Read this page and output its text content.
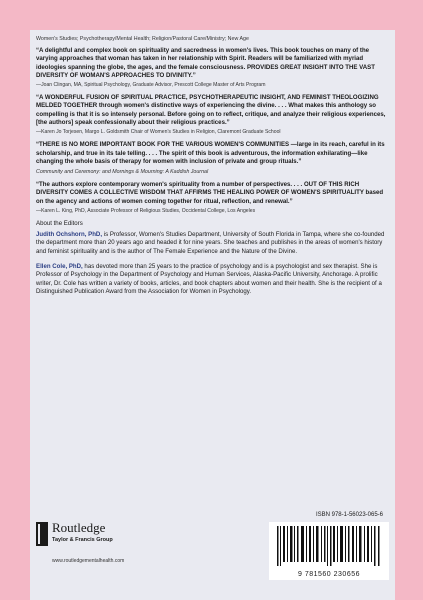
Women's Studies; Psychotherapy/Mental Health; Religion/Pastoral Care/Ministry; New Age

“A delightful and complex book on spirituality and sacredness in women's lives. This book touches on many of the varying approaches that woman has taken in her relationship with Spirit. Readers will be familiarized with myriad ideologies spanning the globe, the ages, and the female consciousness. PROVIDES GREAT INSIGHT INTO THE VAST DIVERSITY OF WOMAN'S APPROACHES TO DIVINITY.”

—Joan Clingan, MA, Spiritual Psychology, Graduate Advisor, Prescott College Master of Arts Program

“A WONDERFUL FUSION OF SPIRITUAL PRACTICE, PSYCHOTHERAPEUTIC INSIGHT, AND FEMINIST THEOLOGIZING MELDED TOGETHER through women's distinctive ways of experiencing the divine. . . . What makes this anthology so compelling is that it is so intensely personal. Before going on to reflect, critique, and analyze their religious experiences, [the authors] speak confessionally about their religious practices.”

—Karen Jo Torjesen, Margo L. Goldsmith Chair of Women's Studies in Religion, Claremont Graduate School

“THERE IS NO MORE IMPORTANT BOOK FOR THE VARIOUS WOMEN'S COMMUNITIES —large in its reach, careful in its scholarship, and true in its tale telling. . . . The spirit of this book is adventurous, the information exhilarating—like changing the whole basis of therapy for women with inclusion of private and group rituals.”

Community and Ceremony: and Mornings & Mourning: A Kaddish Journal

“The authors explore contemporary women's spirituality from a number of perspectives. . . . OUT OF THIS RICH DIVERSITY COMES A COLLECTIVE WISDOM THAT AFFIRMS THE HEALING POWER OF WOMEN'S SPIRITUALITY based on the agency and actions of women coming together for ritual, reflection, and renewal.”

—Karen L. King, PhD, Associate Professor of Religious Studies, Occidental College, Los Angeles
About the Editors

Judith Ochshorn, PhD, is Professor, Women's Studies Department, University of South Florida in Tampa, where she co-founded the department more than 20 years ago and headed it for nine years. She teaches and publishes in the areas of women's history and feminist spirituality and is the author of The Female Experience and the Nature of the Divine.

Ellen Cole, PhD, has devoted more than 25 years to the practice of psychology and is a psychologist and sex therapist. She is Professor of Psychology in the Department of Psychology and Human Services, Alaska-Pacific University, Anchorage. A prolific writer, Dr. Cole has written a variety of books, articles, and book chapters about women and their health. She is the recipient of a Distinguished Publication Award from the Association for Women in Psychology.

Routledge
Taylor & Francis Group
www.routledgementalhealth.com
ISBN 978-1-56023-065-6
9 781560 230656
